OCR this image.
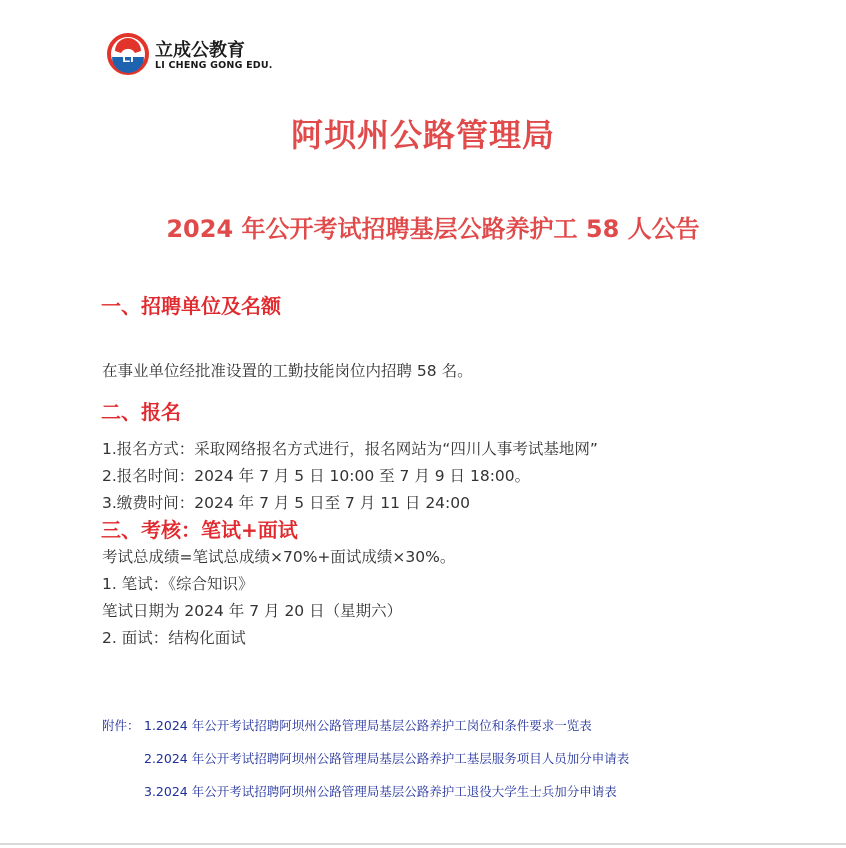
LI 立成公教育
LI CHENG GONG EDU.
阿坝州公路管理局
2024 年公开考试招聘基层公路养护工 58 人公告
一、招聘单位及名额
在事业单位经批准设置的工勤技能岗位内招聘 58 名。
二、报名
1.报名方式：采取网络报名方式进行，报名网站为“四川人事考试基地网”
2.报名时间：2024 年 7 月 5 日 10:00 至 7 月 9 日 18:00。
3.缴费时间：2024 年 7 月 5 日至 7 月 11 日 24:00
三、考核：笔试+面试
考试总成绩=笔试总成绩×70%+面试成绩×30%。
1. 笔试：《综合知识》
笔试日期为 2024 年 7 月 20 日（星期六）
2. 面试：结构化面试
附件： 1.2024 年公开考试招聘阿坝州公路管理局基层公路养护工岗位和条件要求一览表
2.2024 年公开考试招聘阿坝州公路管理局基层公路养护工基层服务项目人员加分申请表
3.2024 年公开考试招聘阿坝州公路管理局基层公路养护工退役大学生士兵加分申请表
